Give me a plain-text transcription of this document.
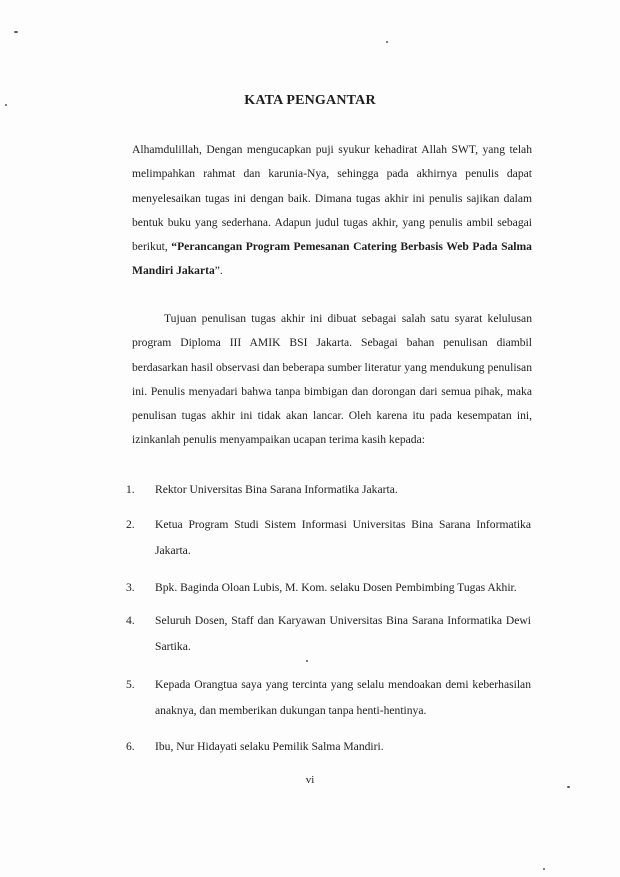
KATA PENGANTAR

Alhamdulillah, Dengan mengucapkan puji syukur kehadirat Allah SWT, yang telah melimpahkan rahmat dan karunia-Nya, sehingga pada akhirnya penulis dapat menyelesaikan tugas ini dengan baik. Dimana tugas akhir ini penulis sajikan dalam bentuk buku yang sederhana. Adapun judul tugas akhir, yang penulis ambil sebagai berikut, “Perancangan Program Pemesanan Catering Berbasis Web Pada Salma Mandiri Jakarta”.

Tujuan penulisan tugas akhir ini dibuat sebagai salah satu syarat kelulusan program Diploma III AMIK BSI Jakarta. Sebagai bahan penulisan diambil berdasarkan hasil observasi dan beberapa sumber literatur yang mendukung penulisan ini. Penulis menyadari bahwa tanpa bimbigan dan dorongan dari semua pihak, maka penulisan tugas akhir ini tidak akan lancar. Oleh karena itu pada kesempatan ini, izinkanlah penulis menyampaikan ucapan terima kasih kepada:

1. Rektor Universitas Bina Sarana Informatika Jakarta.
2. Ketua Program Studi Sistem Informasi Universitas Bina Sarana Informatika Jakarta.
3. Bpk. Baginda Oloan Lubis, M. Kom. selaku Dosen Pembimbing Tugas Akhir.
4. Seluruh Dosen, Staff dan Karyawan Universitas Bina Sarana Informatika Dewi Sartika.
5. Kepada Orangtua saya yang tercinta yang selalu mendoakan demi keberhasilan anaknya, dan memberikan dukungan tanpa henti-hentinya.
6. Ibu, Nur Hidayati selaku Pemilik Salma Mandiri.
vi
